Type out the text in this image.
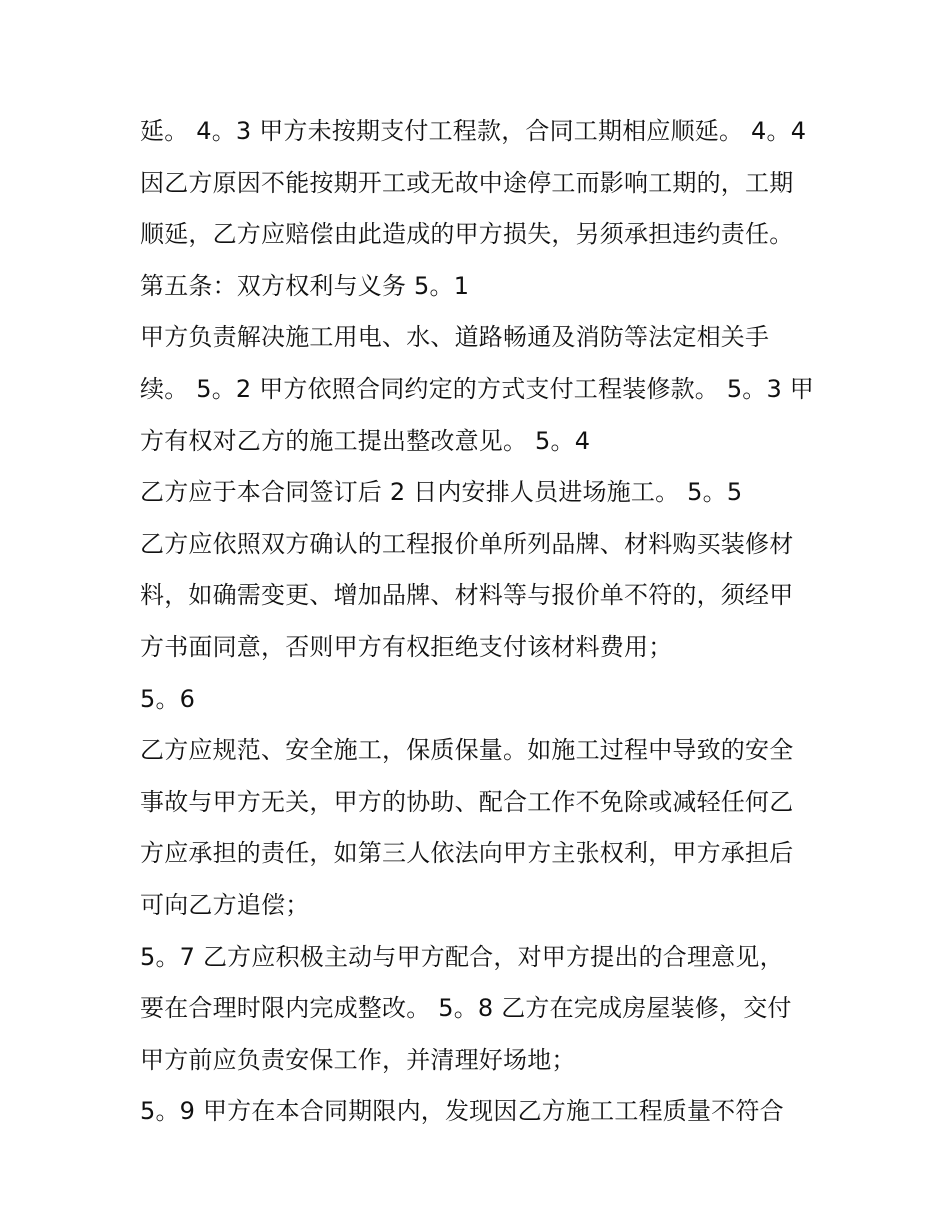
延。 4。3 甲方未按期支付工程款，合同工期相应顺延。 4。4
因乙方原因不能按期开工或无故中途停工而影响工期的，工期
顺延，乙方应赔偿由此造成的甲方损失，另须承担违约责任。
第五条：双方权利与义务 5。1
甲方负责解决施工用电、水、道路畅通及消防等法定相关手
续。 5。2 甲方依照合同约定的方式支付工程装修款。 5。3 甲
方有权对乙方的施工提出整改意见。 5。4
乙方应于本合同签订后 2 日内安排人员进场施工。 5。5
乙方应依照双方确认的工程报价单所列品牌、材料购买装修材
料，如确需变更、增加品牌、材料等与报价单不符的，须经甲
方书面同意，否则甲方有权拒绝支付该材料费用；
5。6
乙方应规范、安全施工，保质保量。如施工过程中导致的安全
事故与甲方无关，甲方的协助、配合工作不免除或减轻任何乙
方应承担的责任，如第三人依法向甲方主张权利，甲方承担后
可向乙方追偿；
5。7 乙方应积极主动与甲方配合，对甲方提出的合理意见，
要在合理时限内完成整改。 5。8 乙方在完成房屋装修，交付
甲方前应负责安保工作，并清理好场地；
5。9 甲方在本合同期限内，发现因乙方施工工程质量不符合
